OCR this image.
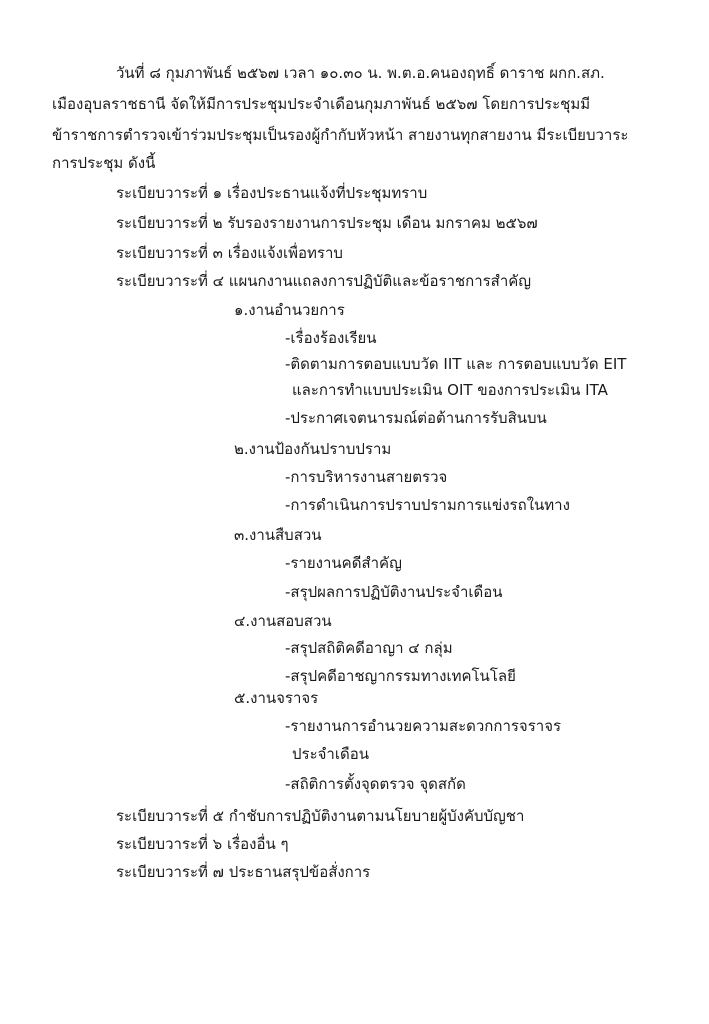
วันที่ ๘ กุมภาพันธ์ ๒๕๖๗ เวลา ๑๐.๓๐ น. พ.ต.อ.คนองฤทธิ์ ดาราช ผกก.สภ.
เมืองอุบลราชธานี จัดให้มีการประชุมประจำเดือนกุมภาพันธ์ ๒๕๖๗ โดยการประชุมมี
ข้าราชการตำรวจเข้าร่วมประชุมเป็นรองผู้กำกับหัวหน้า สายงานทุกสายงาน มีระเบียบวาระ
การประชุม ดังนี้
ระเบียบวาระที่ ๑ เรื่องประธานแจ้งที่ประชุมทราบ
ระเบียบวาระที่ ๒ รับรองรายงานการประชุม เดือน มกราคม ๒๕๖๗
ระเบียบวาระที่ ๓ เรื่องแจ้งเพื่อทราบ
ระเบียบวาระที่ ๔ แผนกงานแถลงการปฏิบัติและข้อราชการสำคัญ
๑.งานอำนวยการ
-เรื่องร้องเรียน
-ติดตามการตอบแบบวัด IIT และ การตอบแบบวัด EIT
และการทำแบบประเมิน OIT ของการประเมิน ITA
-ประกาศเจตนารมณ์ต่อต้านการรับสินบน
๒.งานป้องกันปราบปราม
-การบริหารงานสายตรวจ
-การดำเนินการปราบปรามการแข่งรถในทาง
๓.งานสืบสวน
-รายงานคดีสำคัญ
-สรุปผลการปฏิบัติงานประจำเดือน
๔.งานสอบสวน
-สรุปสถิติคดีอาญา ๔ กลุ่ม
-สรุปคดีอาชญากรรมทางเทคโนโลยี
๕.งานจราจร
-รายงานการอำนวยความสะดวกการจราจร
ประจำเดือน
-สถิติการตั้งจุดตรวจ จุดสกัด
ระเบียบวาระที่ ๕ กำชับการปฏิบัติงานตามนโยบายผู้บังคับบัญชา
ระเบียบวาระที่ ๖ เรื่องอื่น ๆ
ระเบียบวาระที่ ๗ ประธานสรุปข้อสั่งการ
